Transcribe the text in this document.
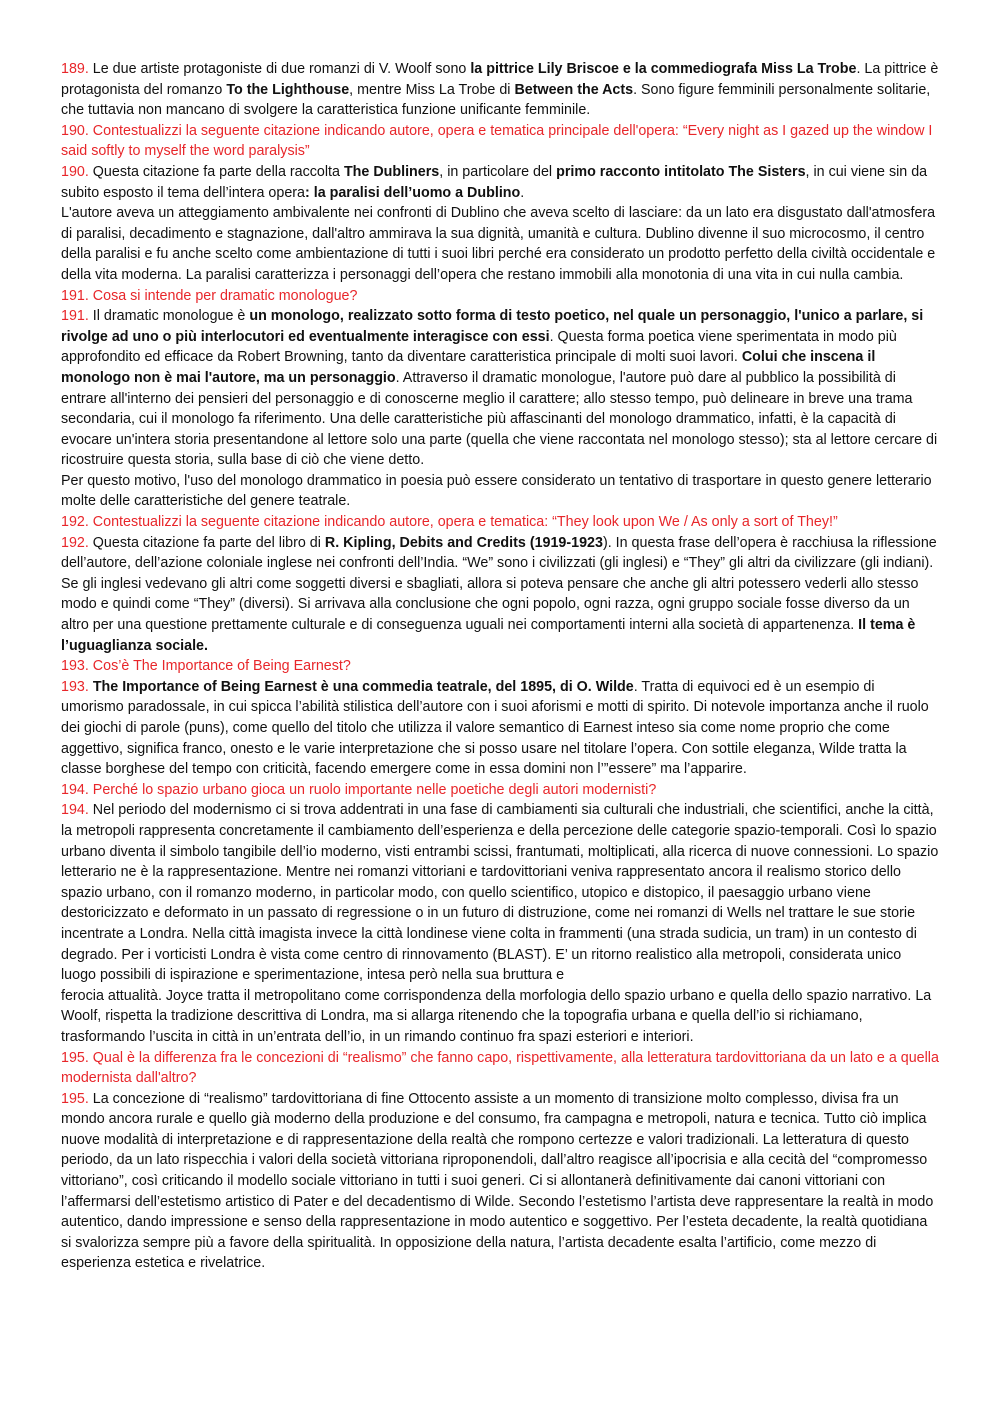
189. Le due artiste protagoniste di due romanzi di V. Woolf sono la pittrice Lily Briscoe e la commediografa Miss La Trobe. La pittrice è protagonista del romanzo To the Lighthouse, mentre Miss La Trobe di Between the Acts. Sono figure femminili personalmente solitarie, che tuttavia non mancano di svolgere la caratteristica funzione unificante femminile.

190. Contestualizzi la seguente citazione indicando autore, opera e tematica principale dell'opera: “Every night as I gazed up the window I said softly to myself the word paralysis”

190. Questa citazione fa parte della raccolta The Dubliners, in particolare del primo racconto intitolato The Sisters, in cui viene sin da subito esposto il tema dell’intera opera: la paralisi dell’uomo a Dublino.

L'autore aveva un atteggiamento ambivalente nei confronti di Dublino che aveva scelto di lasciare: da un lato era disgustato dall'atmosfera di paralisi, decadimento e stagnazione, dall'altro ammirava la sua dignità, umanità e cultura. Dublino divenne il suo microcosmo, il centro della paralisi e fu anche scelto come ambientazione di tutti i suoi libri perché era considerato un prodotto perfetto della civiltà occidentale e della vita moderna. La paralisi caratterizza i personaggi dell’opera che restano immobili alla monotonia di una vita in cui nulla cambia.

191. Cosa si intende per dramatic monologue?

191. Il dramatic monologue è un monologo, realizzato sotto forma di testo poetico, nel quale un personaggio, l'unico a parlare, si rivolge ad uno o più interlocutori ed eventualmente interagisce con essi. Questa forma poetica viene sperimentata in modo più approfondito ed efficace da Robert Browning, tanto da diventare caratteristica principale di molti suoi lavori. Colui che inscena il monologo non è mai l'autore, ma un personaggio. Attraverso il dramatic monologue, l'autore può dare al pubblico la possibilità di entrare all'interno dei pensieri del personaggio e di conoscerne meglio il carattere; allo stesso tempo, può delineare in breve una trama secondaria, cui il monologo fa riferimento. Una delle caratteristiche più affascinanti del monologo drammatico, infatti, è la capacità di evocare un'intera storia presentandone al lettore solo una parte (quella che viene raccontata nel monologo stesso); sta al lettore cercare di ricostruire questa storia, sulla base di ciò che viene detto.

Per questo motivo, l'uso del monologo drammatico in poesia può essere considerato un tentativo di trasportare in questo genere letterario molte delle caratteristiche del genere teatrale.

192. Contestualizzi la seguente citazione indicando autore, opera e tematica: “They look upon We / As only a sort of They!”

192. Questa citazione fa parte del libro di R. Kipling, Debits and Credits (1919-1923). In questa frase dell’opera è racchiusa la riflessione dell’autore, dell’azione coloniale inglese nei confronti dell’India. “We” sono i civilizzati (gli inglesi) e “They” gli altri da civilizzare (gli indiani). Se gli inglesi vedevano gli altri come soggetti diversi e sbagliati, allora si poteva pensare che anche gli altri potessero vederli allo stesso modo e quindi come “They” (diversi). Si arrivava alla conclusione che ogni popolo, ogni razza, ogni gruppo sociale fosse diverso da un altro per una questione prettamente culturale e di conseguenza uguali nei comportamenti interni alla società di appartenenza. Il tema è l’uguaglianza sociale.

193. Cos’è The Importance of Being Earnest?

193. The Importance of Being Earnest è una commedia teatrale, del 1895, di O. Wilde. Tratta di equivoci ed è un esempio di umorismo paradossale, in cui spicca l’abilità stilistica dell’autore con i suoi aforismi e motti di spirito. Di notevole importanza anche il ruolo dei giochi di parole (puns), come quello del titolo che utilizza il valore semantico di Earnest inteso sia come nome proprio che come aggettivo, significa franco, onesto e le varie interpretazione che si posso usare nel titolare l’opera. Con sottile eleganza, Wilde tratta la classe borghese del tempo con criticità, facendo emergere come in essa domini non l’”essere” ma l’apparire.

194. Perché lo spazio urbano gioca un ruolo importante nelle poetiche degli autori modernisti?

194. Nel periodo del modernismo ci si trova addentrati in una fase di cambiamenti sia culturali che industriali, che scientifici, anche la città, la metropoli rappresenta concretamente il cambiamento dell’esperienza e della percezione delle categorie spazio-temporali. Così lo spazio urbano diventa il simbolo tangibile dell’io moderno, visti entrambi scissi, frantumati, moltiplicati, alla ricerca di nuove connessioni. Lo spazio letterario ne è la rappresentazione. Mentre nei romanzi vittoriani e tardovittoriani veniva rappresentato ancora il realismo storico dello spazio urbano, con il romanzo moderno, in particolar modo, con quello scientifico, utopico e distopico, il paesaggio urbano viene destoricizzato e deformato in un passato di regressione o in un futuro di distruzione, come nei romanzi di Wells nel trattare le sue storie incentrate a Londra. Nella città imagista invece la città londinese viene colta in frammenti (una strada sudicia, un tram) in un contesto di degrado. Per i vorticisti Londra è vista come centro di rinnovamento (BLAST). E’ un ritorno realistico alla metropoli, considerata unico luogo possibili di ispirazione e sperimentazione, intesa però nella sua bruttura e

ferocia attualità. Joyce tratta il metropolitano come corrispondenza della morfologia dello spazio urbano e quella dello spazio narrativo. La Woolf, rispetta la tradizione descrittiva di Londra, ma si allarga ritenendo che la topografia urbana e quella dell’io si richiamano, trasformando l’uscita in città in un’entrata dell’io, in un rimando continuo fra spazi esteriori e interiori.

195. Qual è la differenza fra le concezioni di “realismo” che fanno capo, rispettivamente, alla letteratura tardovittoriana da un lato e a quella modernista dall'altro?

195. La concezione di “realismo” tardovittoriana di fine Ottocento assiste a un momento di transizione molto complesso, divisa fra un mondo ancora rurale e quello già moderno della produzione e del consumo, fra campagna e metropoli, natura e tecnica. Tutto ciò implica nuove modalità di interpretazione e di rappresentazione della realtà che rompono certezze e valori tradizionali. La letteratura di questo periodo, da un lato rispecchia i valori della società vittoriana riproponendoli, dall’altro reagisce all’ipocrisia e alla cecità del “compromesso vittoriano”, così criticando il modello sociale vittoriano in tutti i suoi generi. Ci si allontanerà definitivamente dai canoni vittoriani con l’affermarsi dell’estetismo artistico di Pater e del decadentismo di Wilde. Secondo l’estetismo l’artista deve rappresentare la realtà in modo autentico, dando impressione e senso della rappresentazione in modo autentico e soggettivo. Per l’esteta decadente, la realtà quotidiana si svalorizza sempre più a favore della spiritualità. In opposizione della natura, l’artista decadente esalta l’artificio, come mezzo di esperienza estetica e rivelatrice.
